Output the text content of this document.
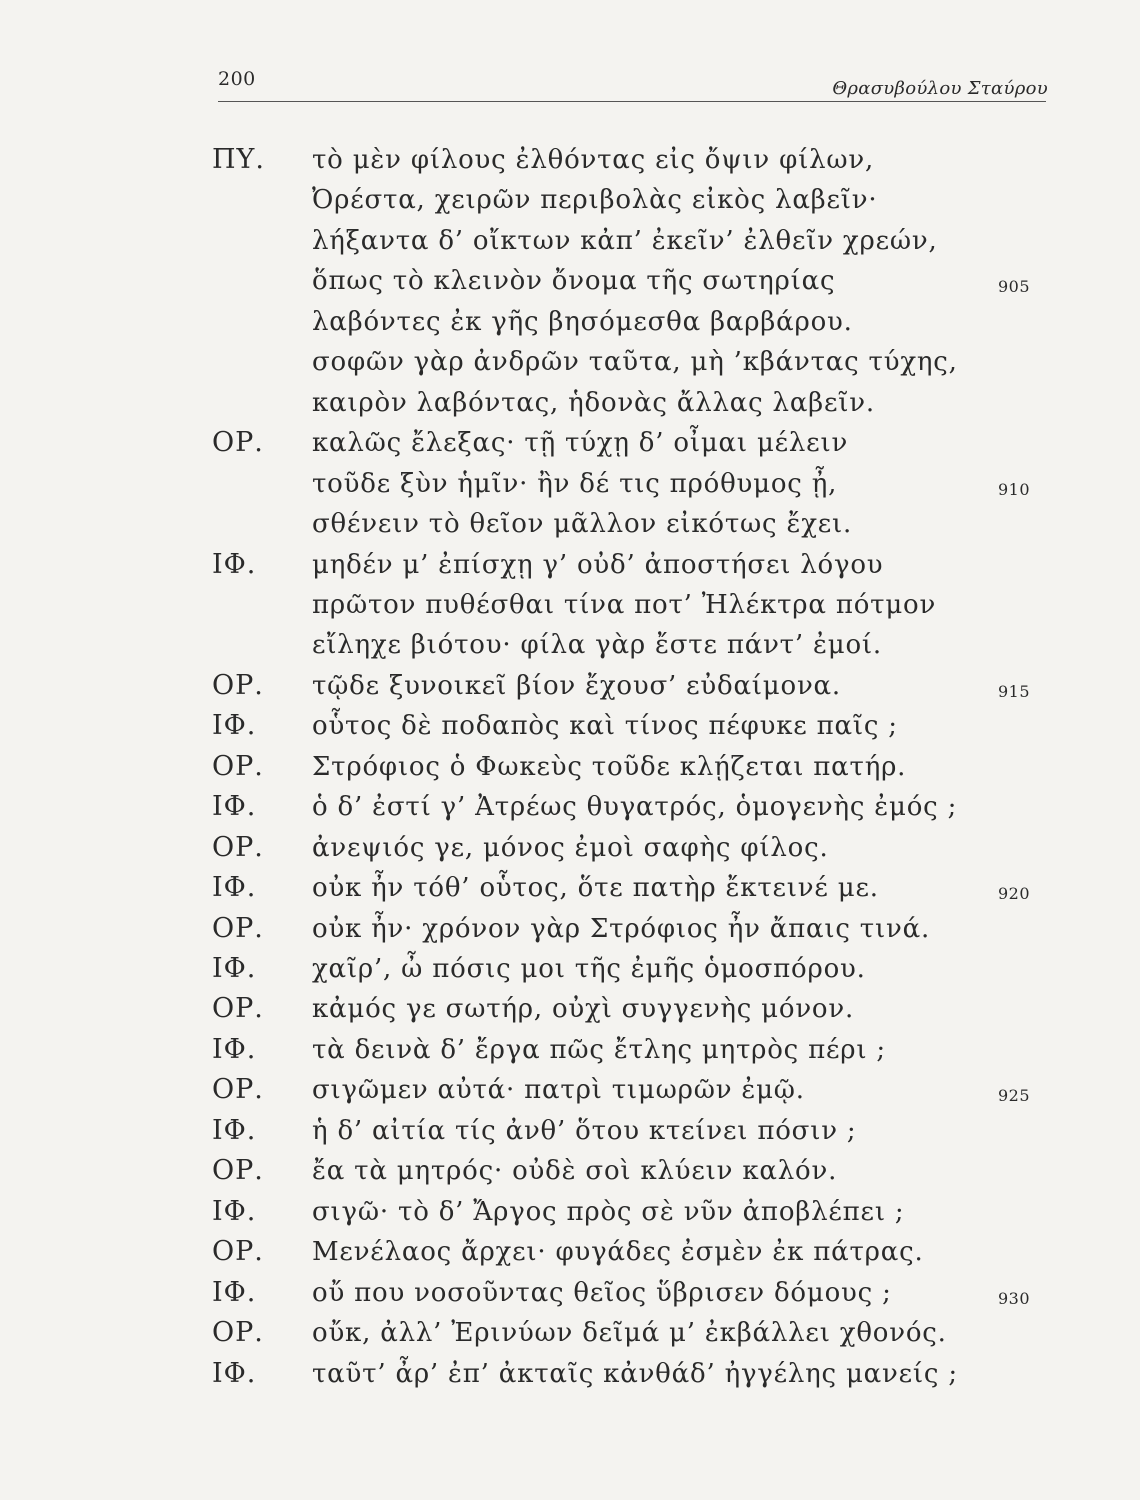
200	Θρασυβούλου Σταύρου
ΠΥ. τὸ μὲν φίλους ἐλθόντας εἰς ὄψιν φίλων,
Ὀρέστα, χειρῶν περιβολὰς εἰκὸς λαβεῖν·
λήξαντα δ’ οἴκτων κἀπ’ ἐκεῖν’ ἐλθεῖν χρεών,
ὅπως τὸ κλεινὸν ὄνομα τῆς σωτηρίας	905
λαβόντες ἐκ γῆς βησόμεσθα βαρβάρου.
σοφῶν γὰρ ἀνδρῶν ταῦτα, μὴ ’κβάντας τύχης,
καιρὸν λαβόντας, ἡδονὰς ἄλλας λαβεῖν.
ΟΡ. καλῶς ἔλεξας· τῇ τύχῃ δ’ οἶμαι μέλειν
τοῦδε ξὺν ἡμῖν· ἢν δέ τις πρόθυμος ᾖ,	910
σθένειν τὸ θεῖον μᾶλλον εἰκότως ἔχει.
ΙΦ. μηδέν μ’ ἐπίσχῃ γ’ οὐδ’ ἀποστήσει λόγου
πρῶτον πυθέσθαι τίνα ποτ’ Ἠλέκτρα πότμον
εἴληχε βιότου· φίλα γὰρ ἔστε πάντ’ ἐμοί.
ΟΡ. τῷδε ξυνοικεῖ βίον ἔχουσ’ εὐδαίμονα.	915
ΙΦ. οὗτος δὲ ποδαπὸς καὶ τίνος πέφυκε παῖς ;
ΟΡ. Στρόφιος ὁ Φωκεὺς τοῦδε κλῄζεται πατήρ.
ΙΦ. ὁ δ’ ἐστί γ’ Ἀτρέως θυγατρός, ὁμογενὴς ἐμός ;
ΟΡ. ἀνεψιός γε, μόνος ἐμοὶ σαφὴς φίλος.
ΙΦ. οὐκ ἦν τόθ’ οὗτος, ὅτε πατὴρ ἔκτεινέ με.	920
ΟΡ. οὐκ ἦν· χρόνον γὰρ Στρόφιος ἦν ἄπαις τινά.
ΙΦ. χαῖρ’, ὦ πόσις μοι τῆς ἐμῆς ὁμοσπόρου.
ΟΡ. κἀμός γε σωτήρ, οὐχὶ συγγενὴς μόνον.
ΙΦ. τὰ δεινὰ δ’ ἔργα πῶς ἔτλης μητρὸς πέρι ;
ΟΡ. σιγῶμεν αὐτά· πατρὶ τιμωρῶν ἐμῷ.	925
ΙΦ. ἡ δ’ αἰτία τίς ἀνθ’ ὅτου κτείνει πόσιν ;
ΟΡ. ἔα τὰ μητρός· οὐδὲ σοὶ κλύειν καλόν.
ΙΦ. σιγῶ· τὸ δ’ Ἄργος πρὸς σὲ νῦν ἀποβλέπει ;
ΟΡ. Μενέλαος ἄρχει· φυγάδες ἐσμὲν ἐκ πάτρας.
ΙΦ. οὔ που νοσοῦντας θεῖος ὕβρισεν δόμους ;	930
ΟΡ. οὔκ, ἀλλ’ Ἐρινύων δεῖμά μ’ ἐκβάλλει χθονός.
ΙΦ. ταῦτ’ ἆρ’ ἐπ’ ἀκταῖς κἀνθάδ’ ἠγγέλης μανείς ;
